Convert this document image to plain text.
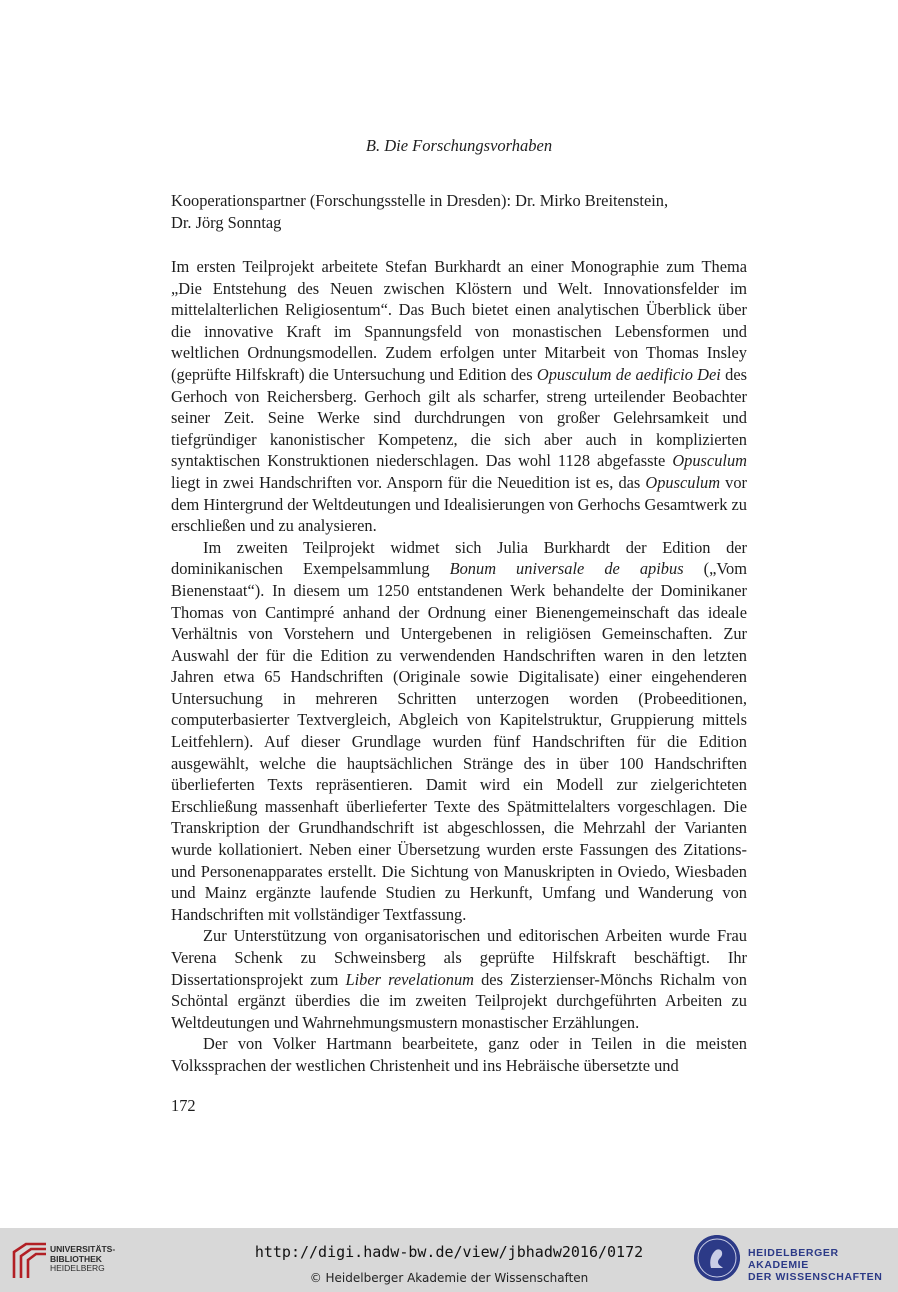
B. Die Forschungsvorhaben
Kooperationspartner (Forschungsstelle in Dresden): Dr. Mirko Breitenstein,
Dr. Jörg Sonntag

Im ersten Teilprojekt arbeitete Stefan Burkhardt an einer Monographie zum Thema „Die Entstehung des Neuen zwischen Klöstern und Welt. Innovationsfelder im mittelalterlichen Religiosentum“. Das Buch bietet einen analytischen Überblick über die innovative Kraft im Spannungsfeld von monastischen Lebensformen und weltlichen Ordnungsmodellen. Zudem erfolgen unter Mitarbeit von Thomas Insley (geprüfte Hilfskraft) die Untersuchung und Edition des Opusculum de aedificio Dei des Gerhoch von Reichersberg. Gerhoch gilt als scharfer, streng urteilender Beobachter seiner Zeit. Seine Werke sind durchdrungen von großer Gelehrsamkeit und tiefgründiger kanonistischer Kompetenz, die sich aber auch in komplizierten syntaktischen Konstruktionen niederschlagen. Das wohl 1128 abgefasste Opusculum liegt in zwei Handschriften vor. Ansporn für die Neuedition ist es, das Opusculum vor dem Hintergrund der Weltdeutungen und Idealisierungen von Gerhochs Gesamtwerk zu erschließen und zu analysieren.

Im zweiten Teilprojekt widmet sich Julia Burkhardt der Edition der dominikanischen Exempelsammlung Bonum universale de apibus („Vom Bienenstaat“). In diesem um 1250 entstandenen Werk behandelte der Dominikaner Thomas von Cantimpré anhand der Ordnung einer Bienengemeinschaft das ideale Verhältnis von Vorstehern und Untergebenen in religiösen Gemeinschaften. Zur Auswahl der für die Edition zu verwendenden Handschriften waren in den letzten Jahren etwa 65 Handschriften (Originale sowie Digitalisate) einer eingehenderen Untersuchung in mehreren Schritten unterzogen worden (Probeeditionen, computerbasierter Textvergleich, Abgleich von Kapitelstruktur, Gruppierung mittels Leitfehlern). Auf dieser Grundlage wurden fünf Handschriften für die Edition ausgewählt, welche die hauptsächlichen Stränge des in über 100 Handschriften überlieferten Texts repräsentieren. Damit wird ein Modell zur zielgerichteten Erschließung massenhaft überlieferter Texte des Spätmittelalters vorgeschlagen. Die Transkription der Grundhandschrift ist abgeschlossen, die Mehrzahl der Varianten wurde kollationiert. Neben einer Übersetzung wurden erste Fassungen des Zitations- und Personenapparates erstellt. Die Sichtung von Manuskripten in Oviedo, Wiesbaden und Mainz ergänzte laufende Studien zu Herkunft, Umfang und Wanderung von Handschriften mit vollständiger Textfassung.

Zur Unterstützung von organisatorischen und editorischen Arbeiten wurde Frau Verena Schenk zu Schweinsberg als geprüfte Hilfskraft beschäftigt. Ihr Dissertationsprojekt zum Liber revelationum des Zisterzienser-Mönchs Richalm von Schöntal ergänzt überdies die im zweiten Teilprojekt durchgeführten Arbeiten zu Weltdeutungen und Wahrnehmungsmustern monastischer Erzählungen.

Der von Volker Hartmann bearbeitete, ganz oder in Teilen in die meisten Volkssprachen der westlichen Christenheit und ins Hebräische übersetzte und

172
UNIVERSITÄTS-
BIBLIOTHEK
HEIDELBERG
http://digi.hadw-bw.de/view/jbhadw2016/0172
© Heidelberger Akademie der Wissenschaften
HEIDELBERGER AKADEMIE
DER WISSENSCHAFTEN
